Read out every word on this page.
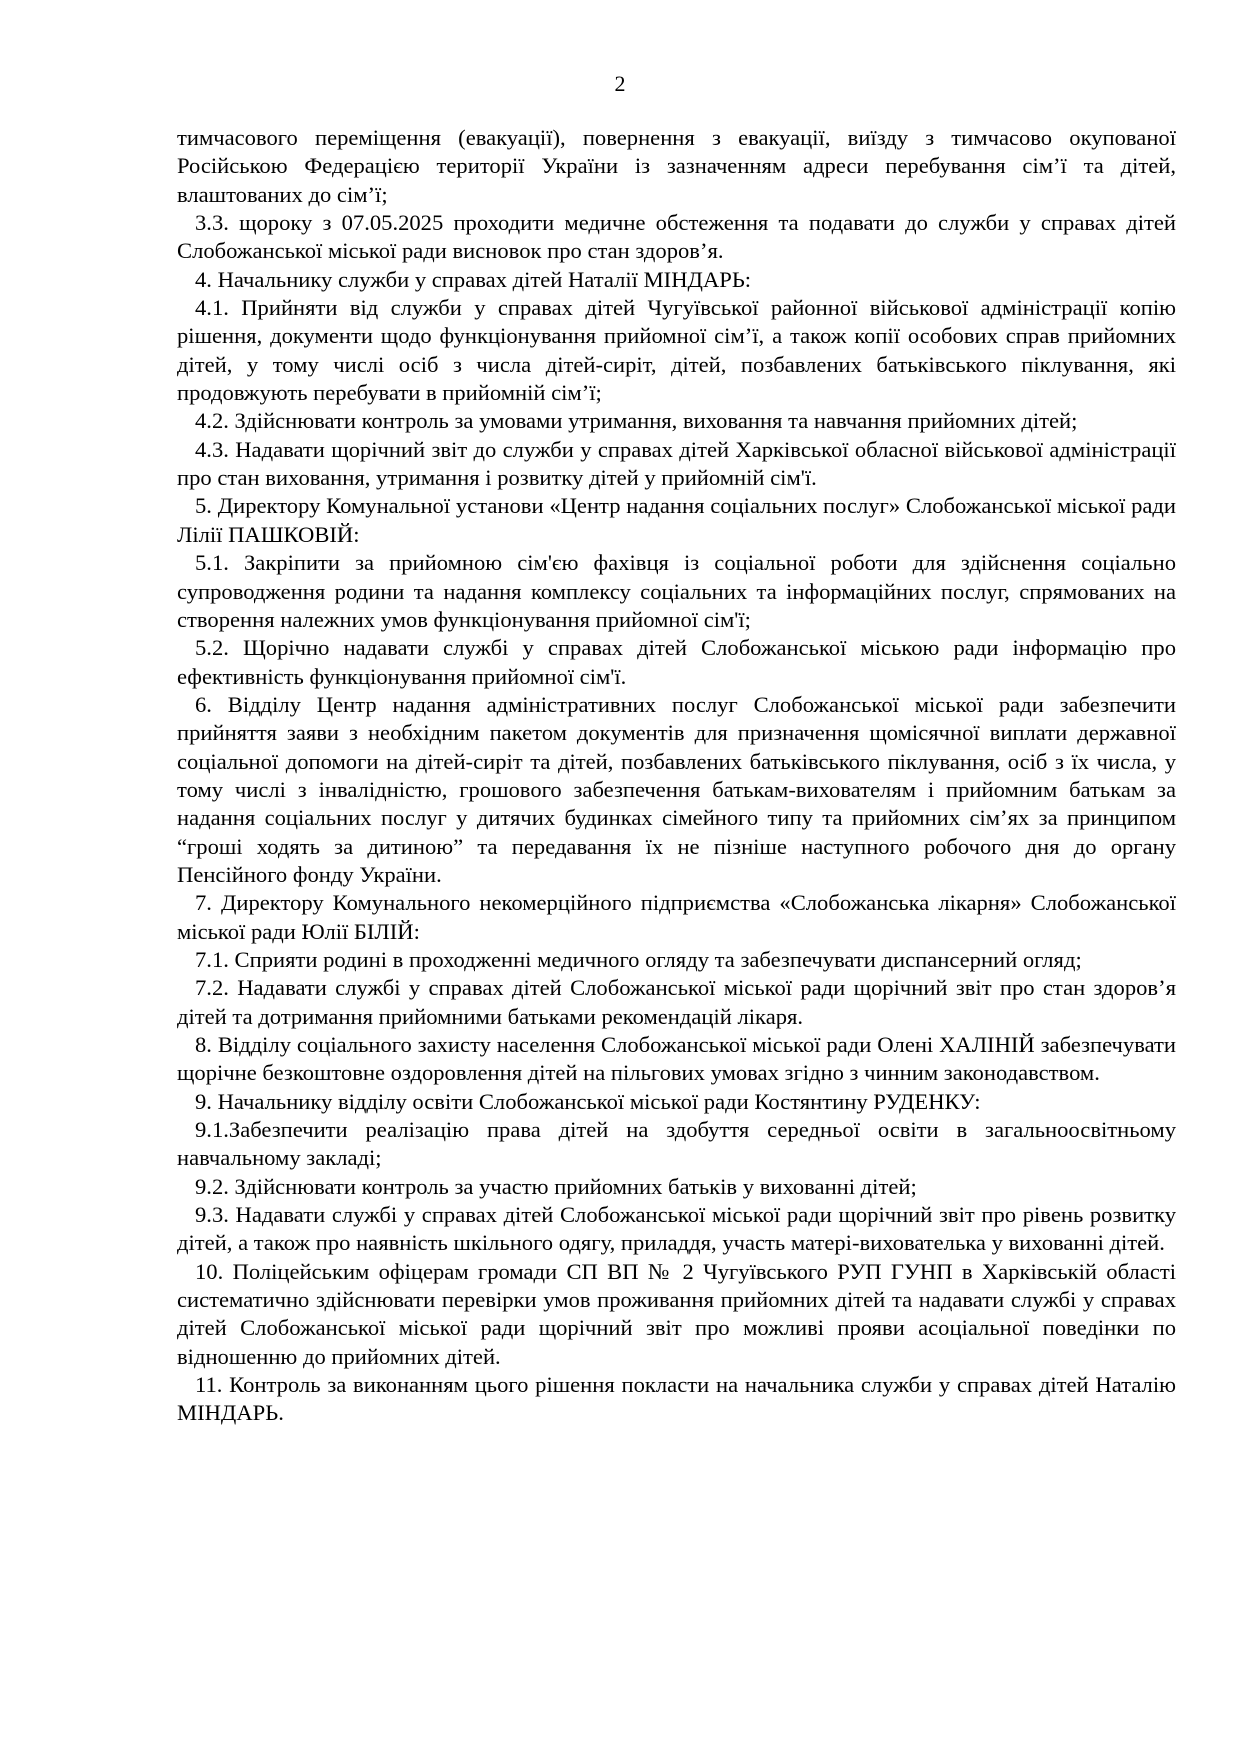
2

тимчасового переміщення (евакуації), повернення з евакуації, виїзду з тимчасово окупованої Російською Федерацією території України із зазначенням адреси перебування сім’ї та дітей, влаштованих до сім’ї;

3.3. щороку з 07.05.2025 проходити медичне обстеження та подавати до служби у справах дітей Слобожанської міської ради висновок про стан здоров’я.

4. Начальнику служби у справах дітей Наталії МІНДАРЬ:

4.1. Прийняти від служби у справах дітей Чугуївської районної військової адміністрації копію рішення, документи щодо функціонування прийомної сім’ї, а також копії особових справ прийомних дітей, у тому числі осіб з числа дітей-сиріт, дітей, позбавлених батьківського піклування, які продовжують перебувати в прийомній сім’ї;

4.2. Здійснювати контроль за умовами утримання, виховання та навчання прийомних дітей;

4.3. Надавати щорічний звіт до служби у справах дітей Харківської обласної військової адміністрації про стан виховання, утримання і розвитку дітей у прийомній сім'ї.

5. Директору Комунальної установи «Центр надання соціальних послуг» Слобожанської міської ради Лілії ПАШКОВІЙ:

5.1. Закріпити за прийомною сім'єю фахівця із соціальної роботи для здійснення соціально супроводження родини та надання комплексу соціальних та інформаційних послуг, спрямованих на створення належних умов функціонування прийомної сім'ї;

5.2. Щорічно надавати службі у справах дітей Слобожанської міською ради інформацію про ефективність функціонування прийомної сім'ї.

6. Відділу Центр надання адміністративних послуг Слобожанської міської ради забезпечити прийняття заяви з необхідним пакетом документів для призначення щомісячної виплати державної соціальної допомоги на дітей-сиріт та дітей, позбавлених батьківського піклування, осіб з їх числа, у тому числі з інвалідністю, грошового забезпечення батькам-вихователям і прийомним батькам за надання соціальних послуг у дитячих будинках сімейного типу та прийомних сім’ях за принципом “гроші ходять за дитиною” та передавання їх не пізніше наступного робочого дня до органу Пенсійного фонду України.

7. Директору Комунального некомерційного підприємства «Слобожанська лікарня» Слобожанської міської ради Юлії БІЛІЙ:

7.1. Сприяти родині в проходженні медичного огляду та забезпечувати диспансерний огляд;

7.2. Надавати службі у справах дітей Слобожанської міської ради щорічний звіт про стан здоров’я дітей та дотримання прийомними батьками рекомендацій лікаря.

8. Відділу соціального захисту населення Слобожанської міської ради Олені ХАЛІНІЙ забезпечувати щорічне безкоштовне оздоровлення дітей на пільгових умовах згідно з чинним законодавством.

9. Начальнику відділу освіти Слобожанської міської ради Костянтину РУДЕНКУ:

9.1.Забезпечити реалізацію права дітей на здобуття середньої освіти в загальноосвітньому навчальному закладі;

9.2. Здійснювати контроль за участю прийомних батьків у вихованні дітей;

9.3. Надавати службі у справах дітей Слобожанської міської ради щорічний звіт про рівень розвитку дітей, а також про наявність шкільного одягу, приладдя, участь матері-вихователька у вихованні дітей.

10. Поліцейським офіцерам громади СП ВП № 2 Чугуївського РУП ГУНП в Харківській області систематично здійснювати перевірки умов проживання прийомних дітей та надавати службі у справах дітей Слобожанської міської ради щорічний звіт про можливі прояви асоціальної поведінки по відношенню до прийомних дітей.

11. Контроль за виконанням цього рішення покласти на начальника служби у справах дітей Наталію МІНДАРЬ.
